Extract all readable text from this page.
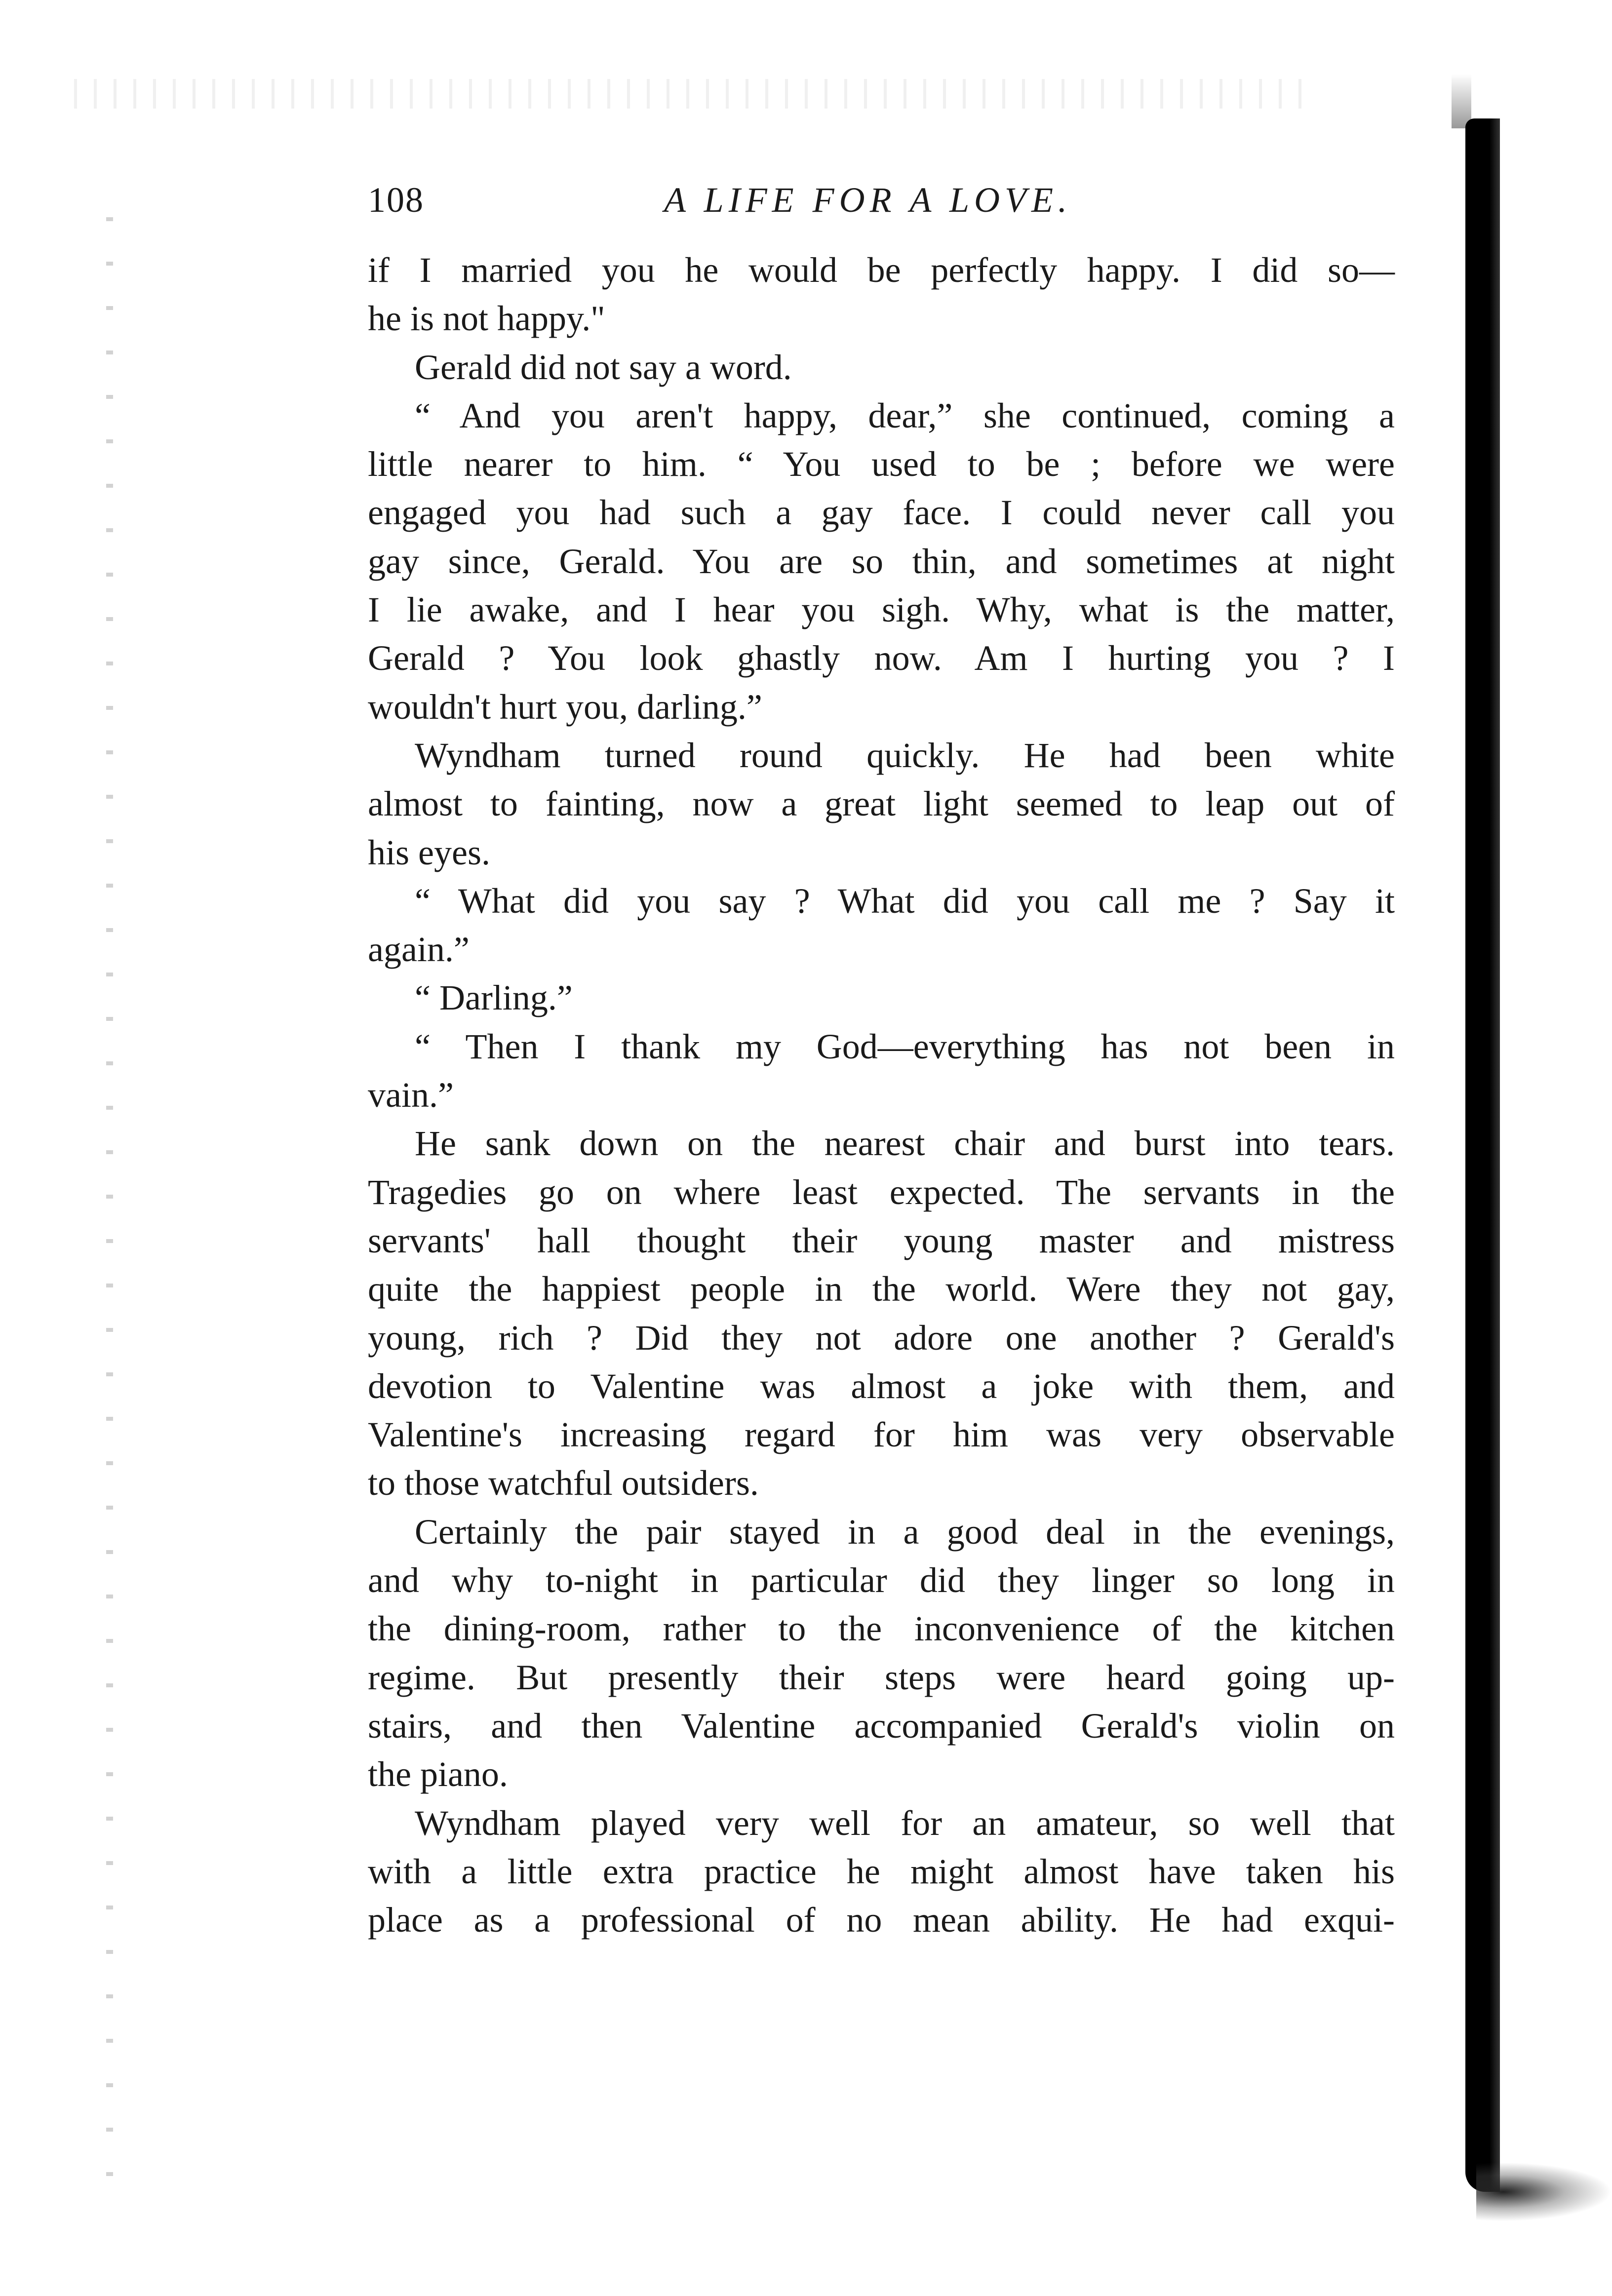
108	A LIFE FOR A LOVE.
if I married you he would be perfectly happy. I did so—
he is not happy."
Gerald did not say a word.
“ And you aren't happy, dear,” she continued, coming a
little nearer to him. “ You used to be ; before we were
engaged you had such a gay face. I could never call you
gay since, Gerald. You are so thin, and sometimes at night
I lie awake, and I hear you sigh. Why, what is the matter,
Gerald ? You look ghastly now. Am I hurting you ? I
wouldn't hurt you, darling.”
Wyndham turned round quickly. He had been white
almost to fainting, now a great light seemed to leap out of
his eyes.
“ What did you say ? What did you call me ? Say it
again.”
“ Darling.”
“ Then I thank my God—everything has not been in
vain.”
He sank down on the nearest chair and burst into tears.
Tragedies go on where least expected. The servants in the
servants' hall thought their young master and mistress
quite the happiest people in the world. Were they not gay,
young, rich ? Did they not adore one another ? Gerald's
devotion to Valentine was almost a joke with them, and
Valentine's increasing regard for him was very observable
to those watchful outsiders.
Certainly the pair stayed in a good deal in the evenings,
and why to-night in particular did they linger so long in
the dining-room, rather to the inconvenience of the kitchen
regime. But presently their steps were heard going up-
stairs, and then Valentine accompanied Gerald's violin on
the piano.
Wyndham played very well for an amateur, so well that
with a little extra practice he might almost have taken his
place as a professional of no mean ability. He had exqui-
